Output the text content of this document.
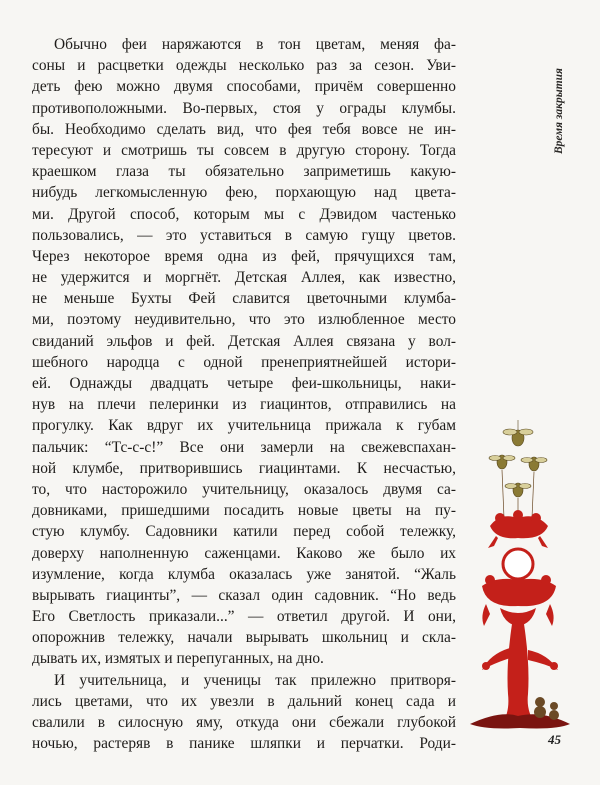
Время закрытия
Обычно феи наряжаются в тон цветам, меняя фа-
соны и расцветки одежды несколько раз за сезон. Уви-
деть фею можно двумя способами, причём совершенно
противоположными. Во-первых, стоя у ограды клумбы.
бы. Необходимо сделать вид, что фея тебя вовсе не ин-
тересуют и смотришь ты совсем в другую сторону. Тогда
краешком глаза ты обязательно заприметишь какую-
нибудь легкомысленную фею, порхающую над цвета-
ми. Другой способ, которым мы с Дэвидом частенько
пользовались, — это уставиться в самую гущу цветов.
Через некоторое время одна из фей, прячущихся там,
не удержится и моргнёт. Детская Аллея, как известно,
не меньше Бухты Фей славится цветочными клумба-
ми, поэтому неудивительно, что это излюбленное место
свиданий эльфов и фей. Детская Аллея связана у вол-
шебного народца с одной пренеприятнейшей истори-
ей. Однажды двадцать четыре феи-школьницы, наки-
нув на плечи пелеринки из гиацинтов, отправились на
прогулку. Как вдруг их учительница прижала к губам
пальчик: “Тс-с-с!” Все они замерли на свежевспахан-
ной клумбе, притворившись гиацинтами. К несчастью,
то, что насторожило учительницу, оказалось двумя са-
довниками, пришедшими посадить новые цветы на пу-
стую клумбу. Садовники катили перед собой тележку,
доверху наполненную саженцами. Каково же было их
изумление, когда клумба оказалась уже занятой. “Жаль
вырывать гиацинты”, — сказал один садовник. “Но ведь
Его Светлость приказали...” — ответил другой. И они,
опорожнив тележку, начали вырывать школьниц и скла-
дывать их, измятых и перепуганных, на дно.
И учительница, и ученицы так прилежно притворя-
лись цветами, что их увезли в дальний конец сада и
свалили в силосную яму, откуда они сбежали глубокой
ночью, растеряв в панике шляпки и перчатки. Роди-	45
